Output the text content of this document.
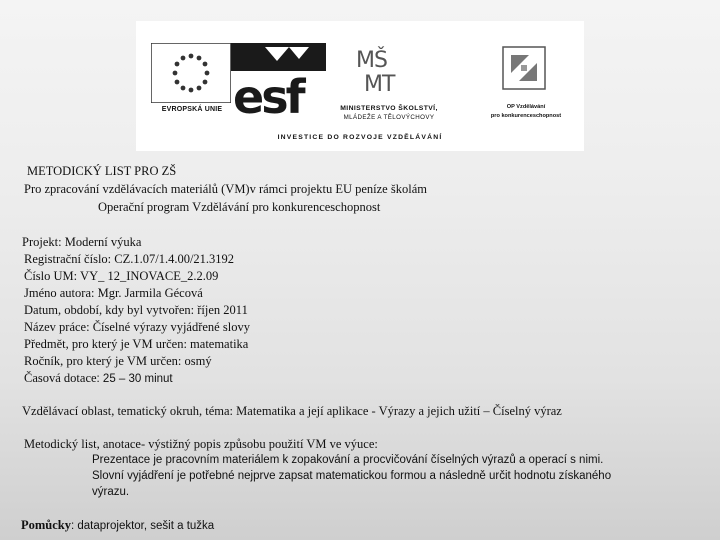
EVROPSKÁ UNIE esf
MŠ
MT
MINISTERSTVO ŠKOLSTVÍ,
MLÁDEŽE A TĚLOVÝCHOVY
OP Vzdělávání
pro konkurenceschopnost
INVESTICE DO ROZVOJE VZDĚLÁVÁNÍ
METODICKÝ LIST PRO ZŠ
Pro zpracování vzdělávacích materiálů (VM)v rámci projektu EU peníze školám
Operační program Vzdělávání pro konkurenceschopnost
Projekt: Moderní výuka
Registrační číslo: CZ.1.07/1.4.00/21.3192
Číslo UM: VY_ 12_INOVACE_2.2.09
Jméno autora: Mgr. Jarmila Gécová
Datum, období, kdy byl vytvořen: říjen 2011
Název práce: Číselné výrazy vyjádřené slovy
Předmět, pro který je VM určen: matematika
Ročník, pro který je VM určen: osmý
Časová dotace: 25 – 30 minut
Vzdělávací oblast, tematický okruh, téma: Matematika a její aplikace - Výrazy a jejich užití – Číselný výraz
Metodický list, anotace- výstižný popis způsobu použití VM ve výuce:
Prezentace je pracovním materiálem k zopakování a procvičování číselných výrazů a operací s nimi.
Slovní vyjádření je potřebné nejprve zapsat matematickou formou a následně určit hodnotu získaného
výrazu.
Pomůcky: dataprojektor, sešit a tužka
